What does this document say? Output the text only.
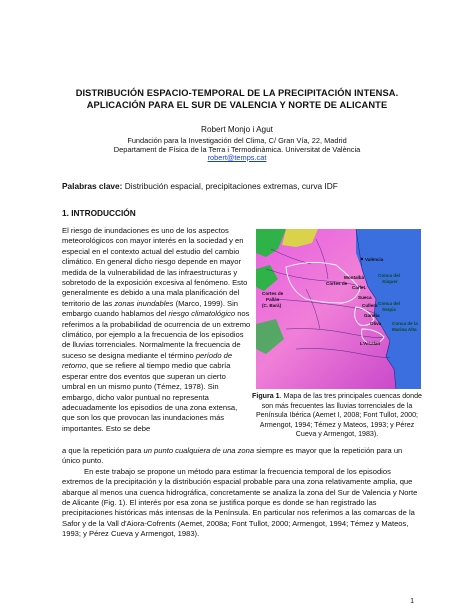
DISTRIBUCIÓN ESPACIO-TEMPORAL DE LA PRECIPITACIÓN INTENSA.
APLICACIÓN PARA EL SUR DE VALENCIA Y NORTE DE ALICANTE
Robert Monjo i Agut
Fundación para la Investigación del Clima, C/ Gran Vía, 22, Madrid
Departament de Física de la Terra i Termodinàmica. Universitat de València
robert@temps.cat
Palabras clave: Distribución espacial, precipitaciones extremas, curva IDF
1. INTRODUCCIÓN

El riesgo de inundaciones es uno de los aspectos meteorológicos con mayor interés en la sociedad y en especial en el contexto actual del estudio del cambio climático. En general dicho riesgo depende en mayor medida de la vulnerabilidad de las infraestructuras y sobretodo de la exposición excesiva al fenómeno. Esto generalmente es debido a una mala planificación del territorio de las zonas inundables (Marco, 1999). Sin embargo cuando hablamos del riesgo climatológico nos referimos a la probabilidad de ocurrencia de un extremo climático, por ejemplo a la frecuencia de los episodios de lluvias torrenciales. Normalmente la frecuencia de suceso se designa mediante el término período de retorno, que se refiere al tiempo medio que cabría esperar entre dos eventos que superan un cierto umbral en un mismo punto (Témez, 1978). Sin embargo, dicho valor puntual no representa adecuadamente los episodios de una zona extensa, que son los que provocan las inundaciones más importantes. Esto se debe

València
Conca del
Xúquer
Cortes de
Montalbà
Carlet
Sueca
Cullera
Cortes de
Pallás
(C. Barà)	Conca del
Serpis
Gandia
Oliva Conca de la
Marina Alta
L'Alcalalí
Figura 1. Mapa de las tres principales cuencas donde son más frecuentes las lluvias torrenciales de la Península Ibérica (Aemet I, 2008; Font Tullot, 2000; Armengot, 1994; Témez y Mateos, 1993; y Pérez Cueva y Armengot, 1983).

a que la repetición para un punto cualquiera de una zona siempre es mayor que la repetición para un único punto.

En este trabajo se propone un método para estimar la frecuencia temporal de los episodios extremos de la precipitación y la distribución espacial probable para una zona relativamente amplia, que abarque al menos una cuenca hidrográfica, concretamente se analiza la zona del Sur de Valencia y Norte de Alicante (Fig. 1). El interés por esa zona se justifica porque es donde se han registrado las precipitaciones históricas más intensas de la Península. En particular nos referimos a las comarcas de la Safor y de la Vall d'Aiora-Cofrents (Aemet, 2008a; Font Tullot, 2000; Armengot, 1994; Témez y Mateos, 1993; y Pérez Cueva y Armengot, 1983).

1
